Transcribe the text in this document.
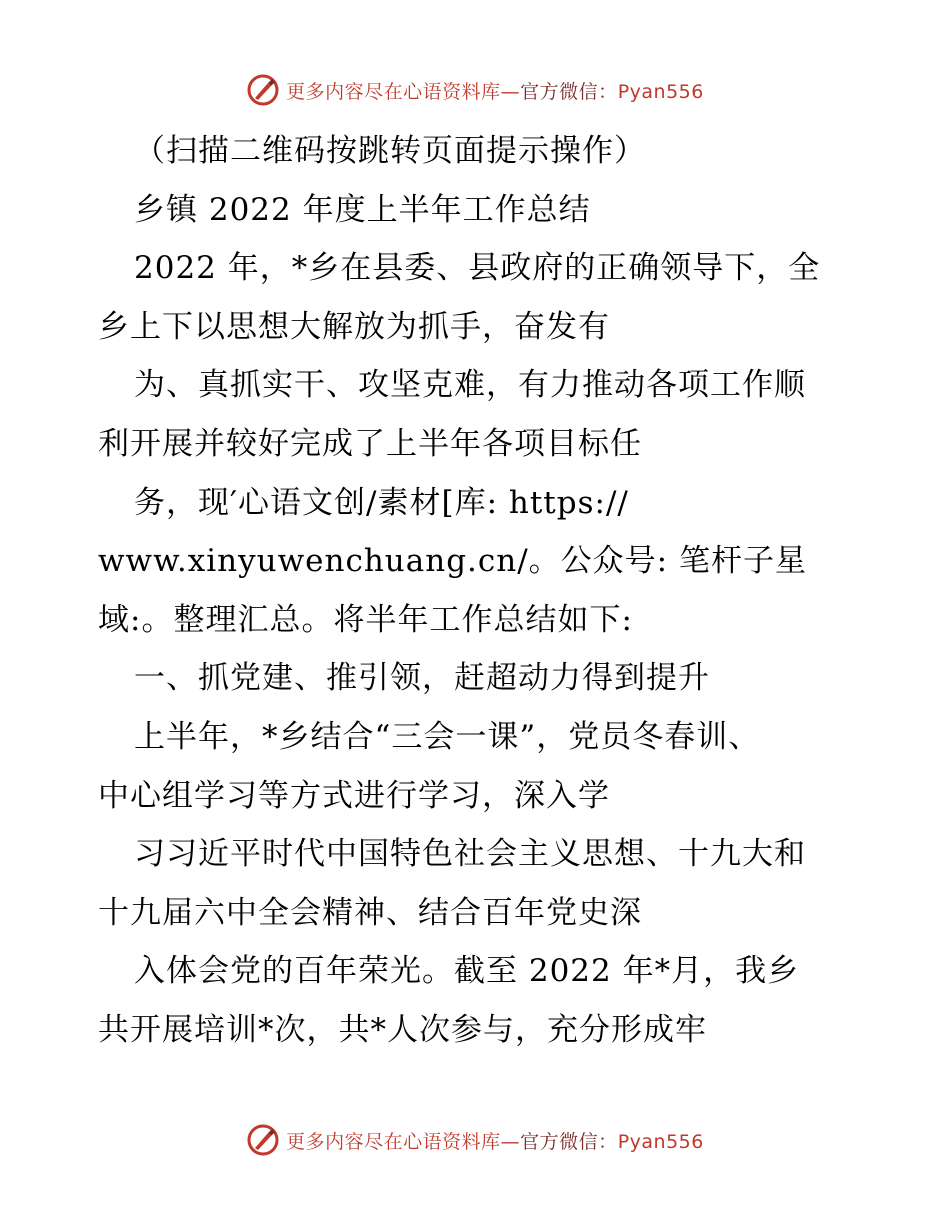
更多内容尽在心语资料库—官方微信：Pyan556
（扫描二维码按跳转页面提示操作）
乡镇 2022 年度上半年工作总结
2022 年，*乡在县委、县政府的正确领导下，全
乡上下以思想大解放为抓手，奋发有
为、真抓实干、攻坚克难，有力推动各项工作顺
利开展并较好完成了上半年各项目标任
务，现′心语文创/素材[库: https://
www.xinyuwenchuang.cn/。公众号: 笔杆子星
域:。整理汇总。将半年工作总结如下:
一、抓党建、推引领，赶超动力得到提升
上半年，*乡结合“三会一课”，党员冬春训、
中心组学习等方式进行学习，深入学
习习近平时代中国特色社会主义思想、十九大和
十九届六中全会精神、结合百年党史深
入体会党的百年荣光。截至 2022 年*月，我乡
共开展培训*次，共*人次参与，充分形成牢
更多内容尽在心语资料库—官方微信：Pyan556
